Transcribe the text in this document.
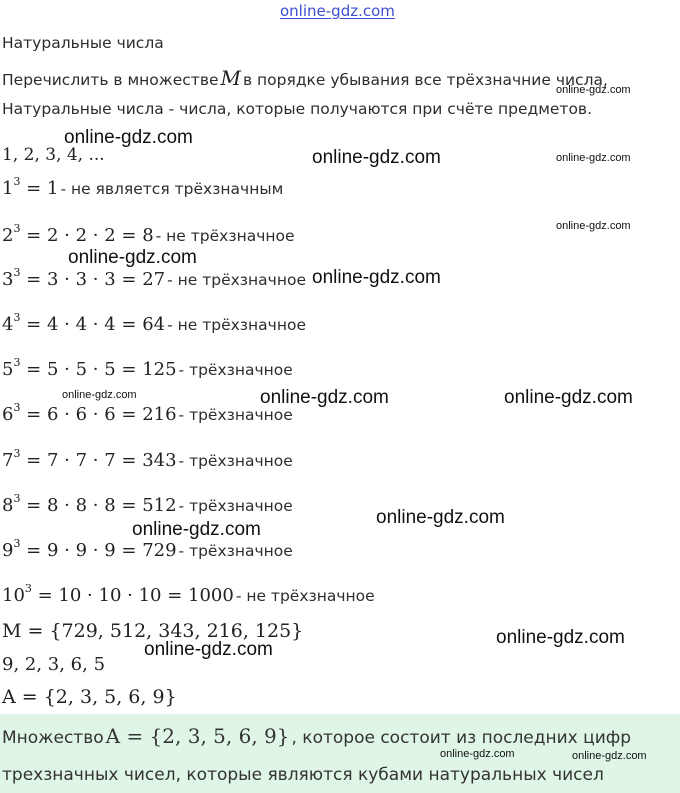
online-gdz.com
Натуральные числа
Перечислить в множестве M в порядке убывания все трёхзначние числа,
Натуральные числа - числа, которые получаются при счёте предметов.
1, 2, 3, 4, ...
$1^3 = 1$ - не является трёхзначным
$2^3 = 2 \cdot 2 \cdot 2 = 8$ - не трёхзначное
$3^3 = 3 \cdot 3 \cdot 3 = 27$ - не трёхзначное
$4^3 = 4 \cdot 4 \cdot 4 = 64$ - не трёхзначное
$5^3 = 5 \cdot 5 \cdot 5 = 125$ - трёхзначное
$6^3 = 6 \cdot 6 \cdot 6 = 216$ - трёхзначное
$7^3 = 7 \cdot 7 \cdot 7 = 343$ - трёхзначное
$8^3 = 8 \cdot 8 \cdot 8 = 512$ - трёхзначное
$9^3 = 9 \cdot 9 \cdot 9 = 729$ - трёхзначное
$10^3 = 10 \cdot 10 \cdot 10 = 1000$ - не трёхзначное
M = {729, 512, 343, 216, 125}
9, 2, 3, 6, 5
A = {2, 3, 5, 6, 9}
Множество A = {2, 3, 5, 6, 9} , которое состоит из последних цифр
трехзначных чисел, которые являются кубами натуральных чисел
online-gdz.com
online-gdz.com
online-gdz.com	online-gdz.com
online-gdz.com
online-gdz.com
online-gdz.com
online-gdz.com	online-gdz.com	online-gdz.com
online-gdz.com
online-gdz.com
online-gdz.com
online-gdz.com
online-gdz.com	online-gdz.com
